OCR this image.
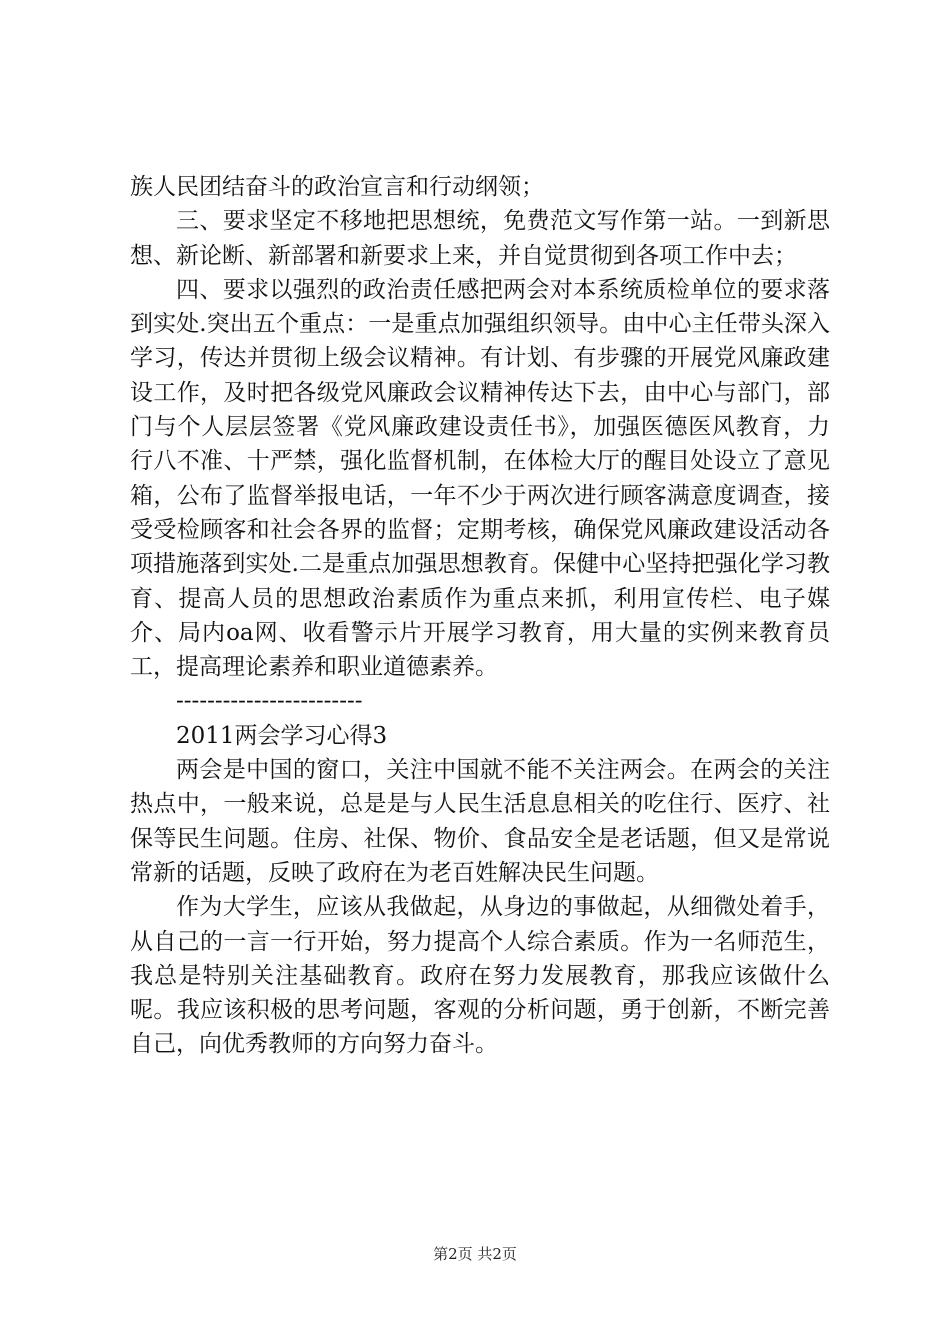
族人民团结奋斗的政治宣言和行动纲领；

三、要求坚定不移地把思想统，免费范文写作第一站。一到新思想、新论断、新部署和新要求上来，并自觉贯彻到各项工作中去；

四、要求以强烈的政治责任感把两会对本系统质检单位的要求落到实处.突出五个重点：一是重点加强组织领导。由中心主任带头深入学习，传达并贯彻上级会议精神。有计划、有步骤的开展党风廉政建设工作，及时把各级党风廉政会议精神传达下去，由中心与部门，部门与个人层层签署《党风廉政建设责任书》，加强医德医风教育，力行八不准、十严禁，强化监督机制，在体检大厅的醒目处设立了意见箱，公布了监督举报电话，一年不少于两次进行顾客满意度调查，接受受检顾客和社会各界的监督；定期考核，确保党风廉政建设活动各项措施落到实处.二是重点加强思想教育。保健中心坚持把强化学习教育、提高人员的思想政治素质作为重点来抓，利用宣传栏、电子媒介、局内oa网、收看警示片开展学习教育，用大量的实例来教育员工，提高理论素养和职业道德素养。

------------------------

2011两会学习心得3

两会是中国的窗口，关注中国就不能不关注两会。在两会的关注热点中，一般来说，总是是与人民生活息息相关的吃住行、医疗、社保等民生问题。住房、社保、物价、食品安全是老话题，但又是常说常新的话题，反映了政府在为老百姓解决民生问题。

作为大学生，应该从我做起，从身边的事做起，从细微处着手，从自己的一言一行开始，努力提高个人综合素质。作为一名师范生，我总是特别关注基础教育。政府在努力发展教育，那我应该做什么呢。我应该积极的思考问题，客观的分析问题，勇于创新，不断完善自己，向优秀教师的方向努力奋斗。

第2页 共2页
